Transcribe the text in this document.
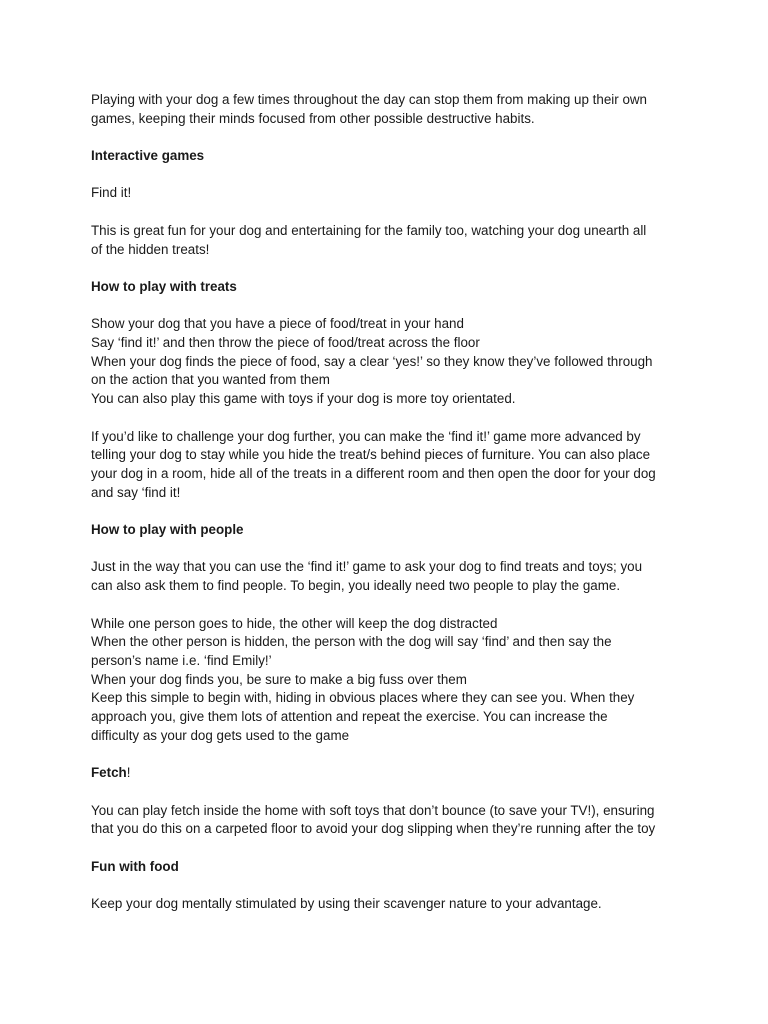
Playing with your dog a few times throughout the day can stop them from making up their own
games, keeping their minds focused from other possible destructive habits.

Interactive games

Find it!

This is great fun for your dog and entertaining for the family too, watching your dog unearth all
of the hidden treats!

How to play with treats

Show your dog that you have a piece of food/treat in your hand
Say ‘find it!’ and then throw the piece of food/treat across the floor
When your dog finds the piece of food, say a clear ‘yes!’ so they know they’ve followed through
on the action that you wanted from them
You can also play this game with toys if your dog is more toy orientated.

If you’d like to challenge your dog further, you can make the ‘find it!’ game more advanced by
telling your dog to stay while you hide the treat/s behind pieces of furniture. You can also place
your dog in a room, hide all of the treats in a different room and then open the door for your dog
and say ‘find it!

How to play with people

Just in the way that you can use the ‘find it!’ game to ask your dog to find treats and toys; you
can also ask them to find people. To begin, you ideally need two people to play the game.

While one person goes to hide, the other will keep the dog distracted
When the other person is hidden, the person with the dog will say ‘find’ and then say the
person’s name i.e. ‘find Emily!’
When your dog finds you, be sure to make a big fuss over them
Keep this simple to begin with, hiding in obvious places where they can see you. When they
approach you, give them lots of attention and repeat the exercise. You can increase the
difficulty as your dog gets used to the game

Fetch!

You can play fetch inside the home with soft toys that don’t bounce (to save your TV!), ensuring
that you do this on a carpeted floor to avoid your dog slipping when they’re running after the toy

Fun with food

Keep your dog mentally stimulated by using their scavenger nature to your advantage.
